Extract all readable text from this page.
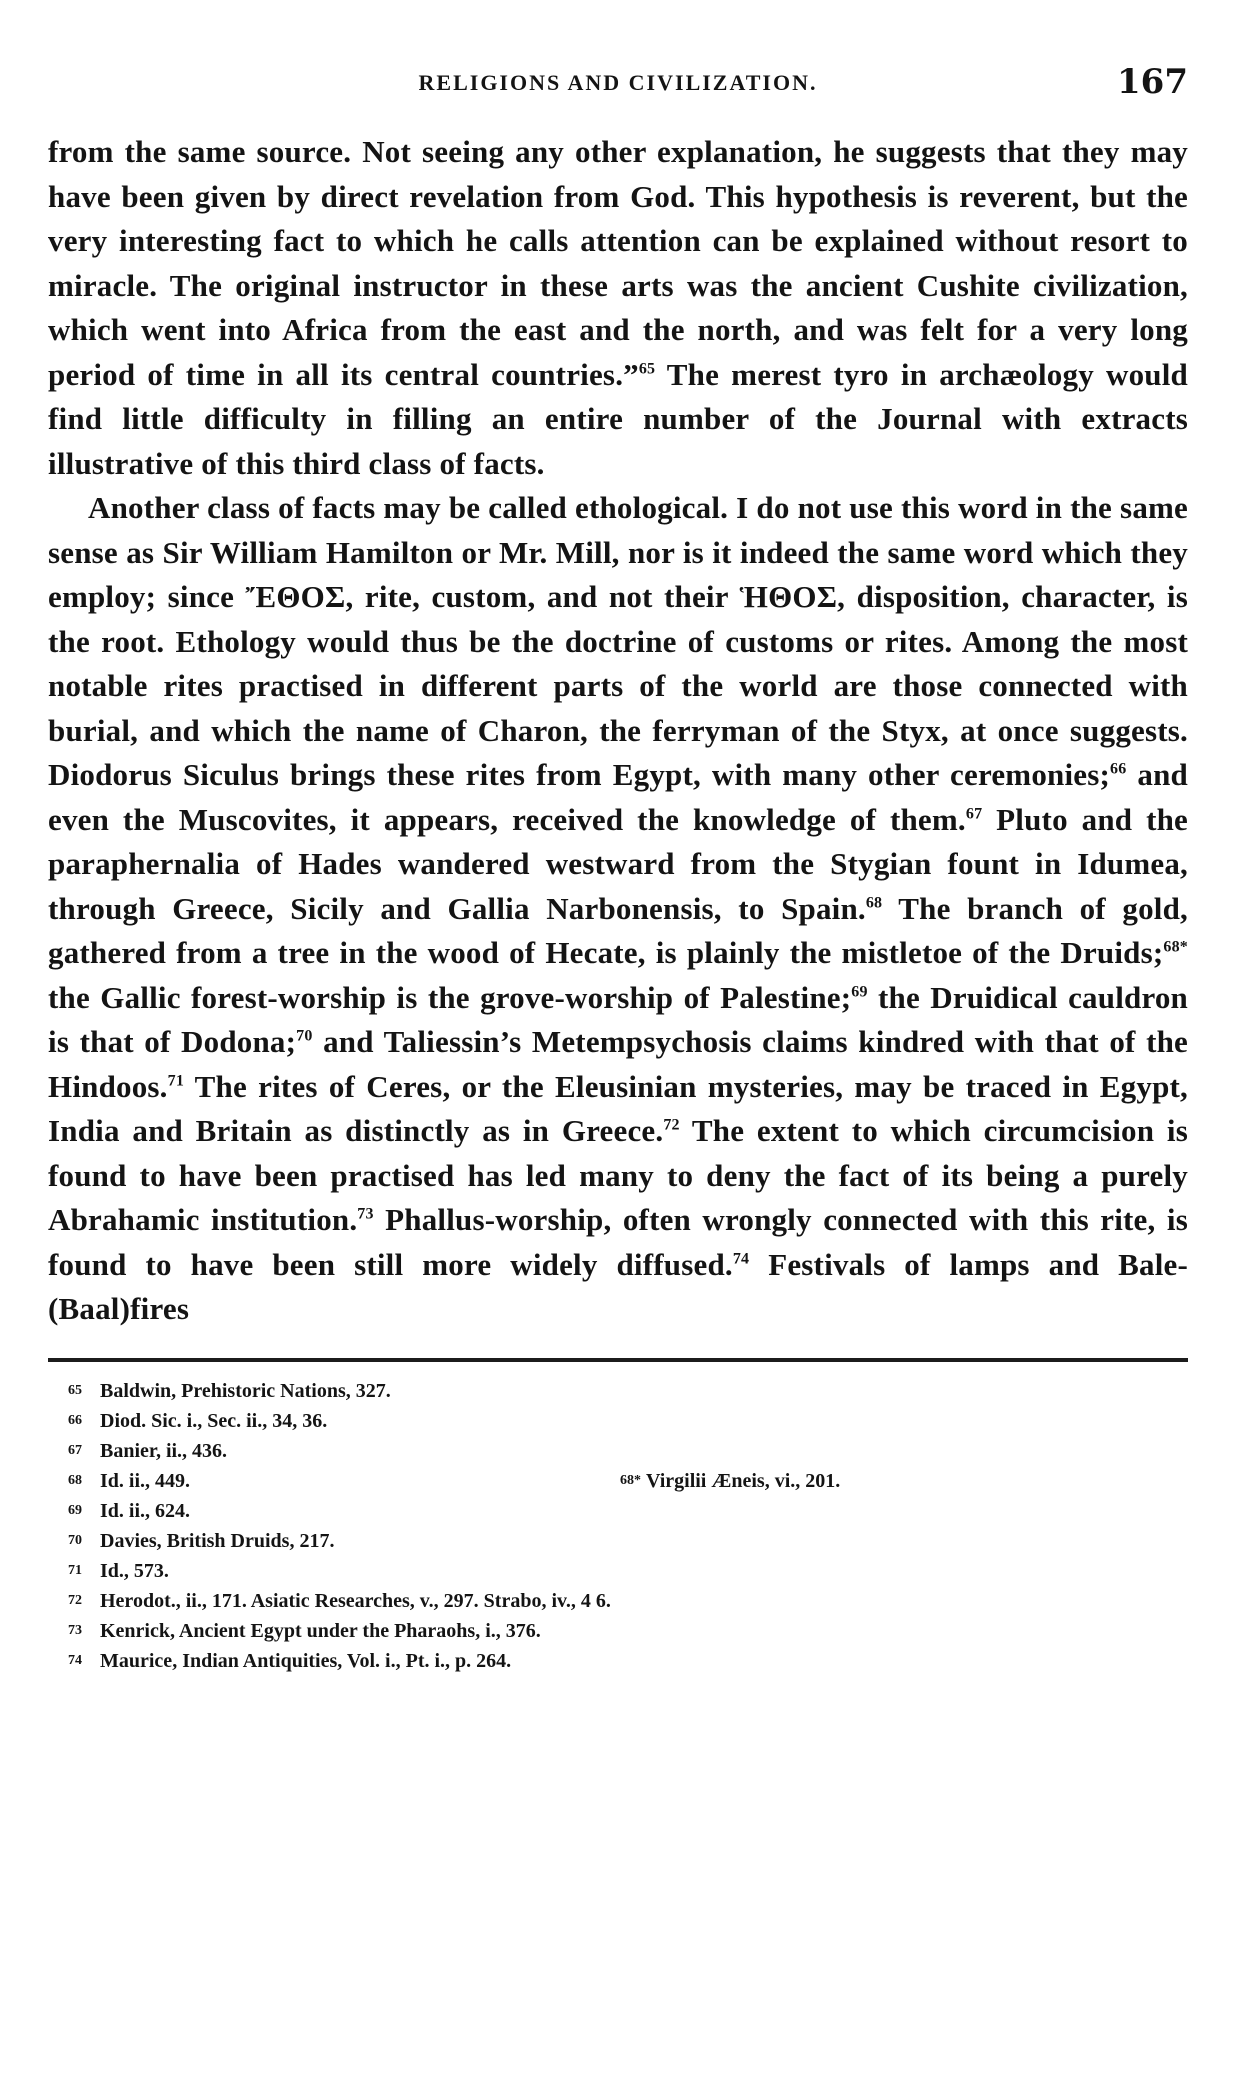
RELIGIONS AND CIVILIZATION.	167

from the same source. Not seeing any other explanation, he suggests that they may have been given by direct revelation from God. This hypothesis is reverent, but the very interesting fact to which he calls attention can be explained without resort to miracle. The original instructor in these arts was the ancient Cushite civilization, which went into Africa from the east and the north, and was felt for a very long period of time in all its central countries.”$^{65}$ The merest tyro in archæology would find little difficulty in filling an entire number of the Journal with extracts illustrative of this third class of facts.

Another class of facts may be called ethological. I do not use this word in the same sense as Sir William Hamilton or Mr. Mill, nor is it indeed the same word which they employ; since ἜΘΟΣ, rite, custom, and not their ἩΘΟΣ, disposition, character, is the root. Ethology would thus be the doctrine of customs or rites. Among the most notable rites practised in different parts of the world are those connected with burial, and which the name of Charon, the ferryman of the Styx, at once suggests. Diodorus Siculus brings these rites from Egypt, with many other ceremonies;$^{66}$ and even the Muscovites, it appears, received the knowledge of them.$^{67}$ Pluto and the paraphernalia of Hades wandered westward from the Stygian fount in Idumea, through Greece, Sicily and Gallia Narbonensis, to Spain.$^{68}$ The branch of gold, gathered from a tree in the wood of Hecate, is plainly the mistletoe of the Druids;$^{68*}$ the Gallic forest-worship is the grove-worship of Palestine;$^{69}$ the Druidical cauldron is that of Dodona;$^{70}$ and Taliessin’s Metempsychosis claims kindred with that of the Hindoos.$^{71}$ The rites of Ceres, or the Eleusinian mysteries, may be traced in Egypt, India and Britain as distinctly as in Greece.$^{72}$ The extent to which circumcision is found to have been practised has led many to deny the fact of its being a purely Abrahamic institution.$^{73}$ Phallus-worship, often wrongly connected with this rite, is found to have been still more widely diffused.$^{74}$ Festivals of lamps and Bale-(Baal)fires

65 Baldwin, Prehistoric Nations, 327.
66 Diod. Sic. i., Sec. ii., 34, 36.
67 Banier, ii., 436.
68 Id. ii., 449.	68* Virgilii Æneis, vi., 201.
69 Id. ii., 624.
70 Davies, British Druids, 217.
71 Id., 573.
72 Herodot., ii., 171. Asiatic Researches, v., 297. Strabo, iv., 4 6.
73 Kenrick, Ancient Egypt under the Pharaohs, i., 376.
74 Maurice, Indian Antiquities, Vol. i., Pt. i., p. 264.
